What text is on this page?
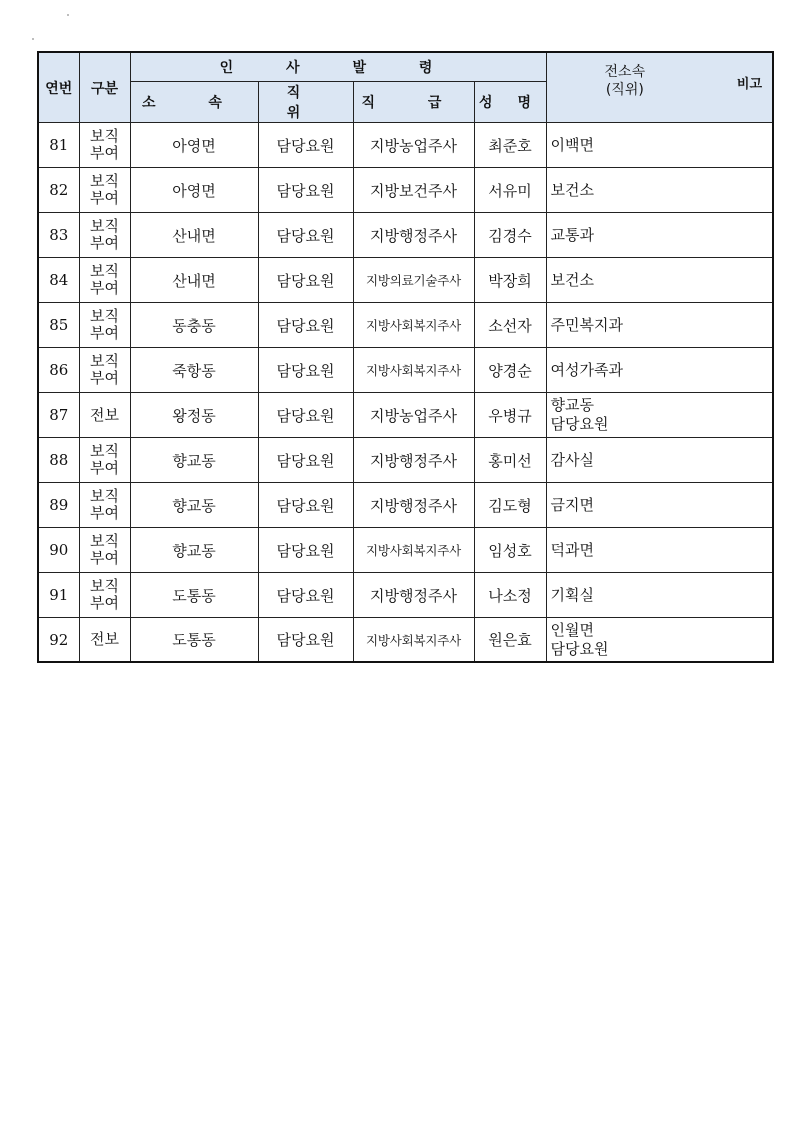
연번	구분	인 사 발 령				전소속
(직위) 비고

		소 속	직 위	직 급	성 명	
81	보직
부여	아영면	담당요원	지방농업주사	최준호	이백면

82	보직
부여	아영면	담당요원	지방보건주사	서유미	보건소

83	보직
부여	산내면	담당요원	지방행정주사	김경수	교통과

84	보직
부여	산내면	담당요원	지방의료기술주사	박장희	보건소

85	보직
부여	동충동	담당요원	지방사회복지주사	소선자	주민복지과

86	보직
부여	죽항동	담당요원	지방사회복지주사	양경순	여성가족과

87	전보	왕정동	담당요원	지방농업주사	우병규	향교동
담당요원

88	보직
부여	향교동	담당요원	지방행정주사	홍미선	감사실

89	보직
부여	향교동	담당요원	지방행정주사	김도형	금지면

90	보직
부여	향교동	담당요원	지방사회복지주사	임성호	덕과면

91	보직
부여	도통동	담당요원	지방행정주사	나소정	기획실

92	전보	도통동	담당요원	지방사회복지주사	원은효	인월면
담당요원
